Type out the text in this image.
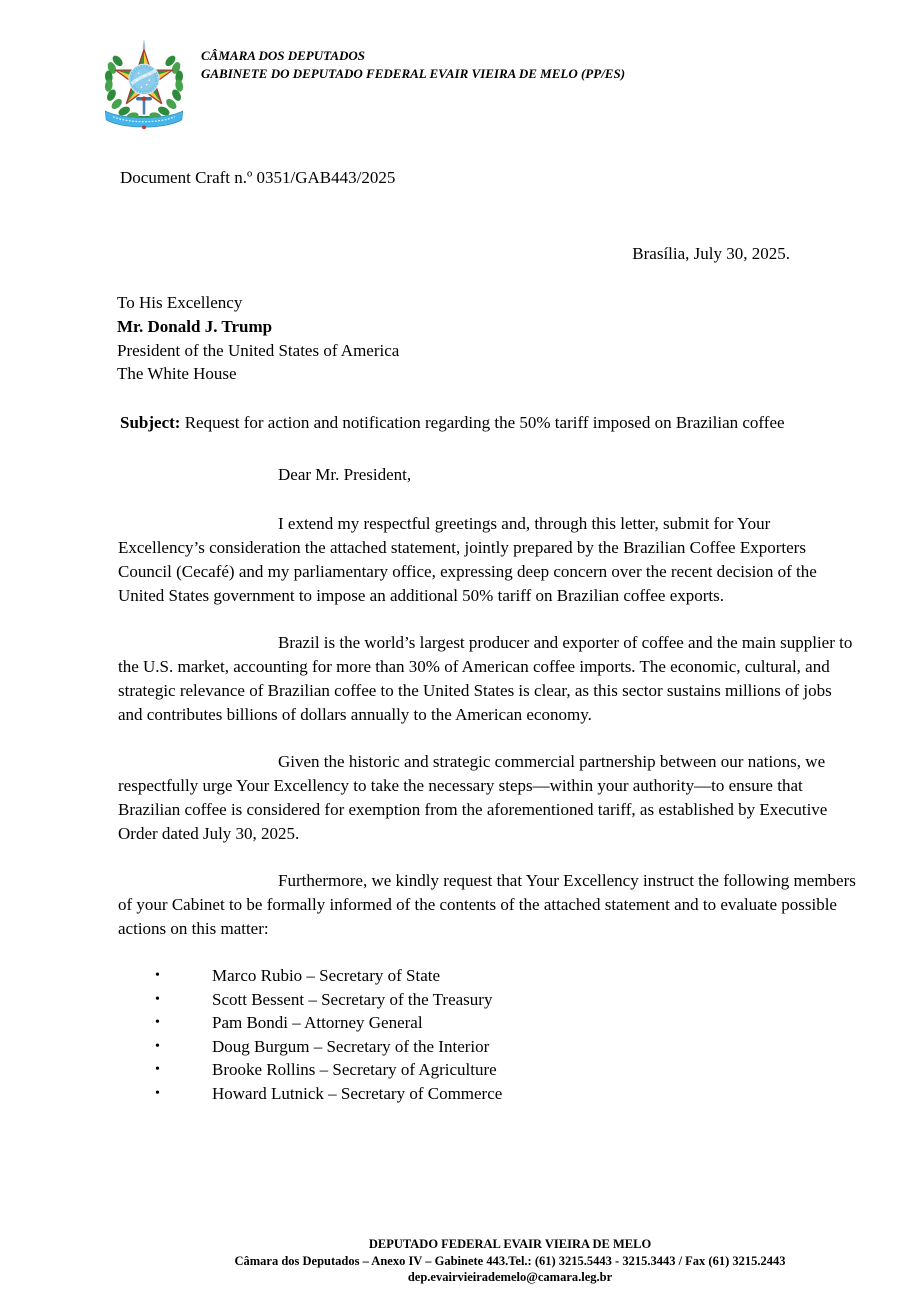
CÂMARA DOS DEPUTADOS
GABINETE DO DEPUTADO FEDERAL EVAIR VIEIRA DE MELO (PP/ES)
Document Craft n.º 0351/GAB443/2025
Brasília, July 30, 2025.
To His Excellency
Mr. Donald J. Trump
President of the United States of America
The White House

Subject: Request for action and notification regarding the 50% tariff imposed on Brazilian coffee

Dear Mr. President,

I extend my respectful greetings and, through this letter, submit for Your Excellency’s consideration the attached statement, jointly prepared by the Brazilian Coffee Exporters Council (Cecafé) and my parliamentary office, expressing deep concern over the recent decision of the United States government to impose an additional 50% tariff on Brazilian coffee exports.

Brazil is the world’s largest producer and exporter of coffee and the main supplier to the U.S. market, accounting for more than 30% of American coffee imports. The economic, cultural, and strategic relevance of Brazilian coffee to the United States is clear, as this sector sustains millions of jobs and contributes billions of dollars annually to the American economy.

Given the historic and strategic commercial partnership between our nations, we respectfully urge Your Excellency to take the necessary steps—within your authority—to ensure that Brazilian coffee is considered for exemption from the aforementioned tariff, as established by Executive Order dated July 30, 2025.

Furthermore, we kindly request that Your Excellency instruct the following members of your Cabinet to be formally informed of the contents of the attached statement and to evaluate possible actions on this matter:

•	Marco Rubio – Secretary of State
•	Scott Bessent – Secretary of the Treasury
•	Pam Bondi – Attorney General
•	Doug Burgum – Secretary of the Interior
•	Brooke Rollins – Secretary of Agriculture
•	Howard Lutnick – Secretary of Commerce
DEPUTADO FEDERAL EVAIR VIEIRA DE MELO
Câmara dos Deputados – Anexo IV – Gabinete 443.Tel.: (61) 3215.5443 - 3215.3443 / Fax (61) 3215.2443
dep.evairvieirademelo@camara.leg.br
